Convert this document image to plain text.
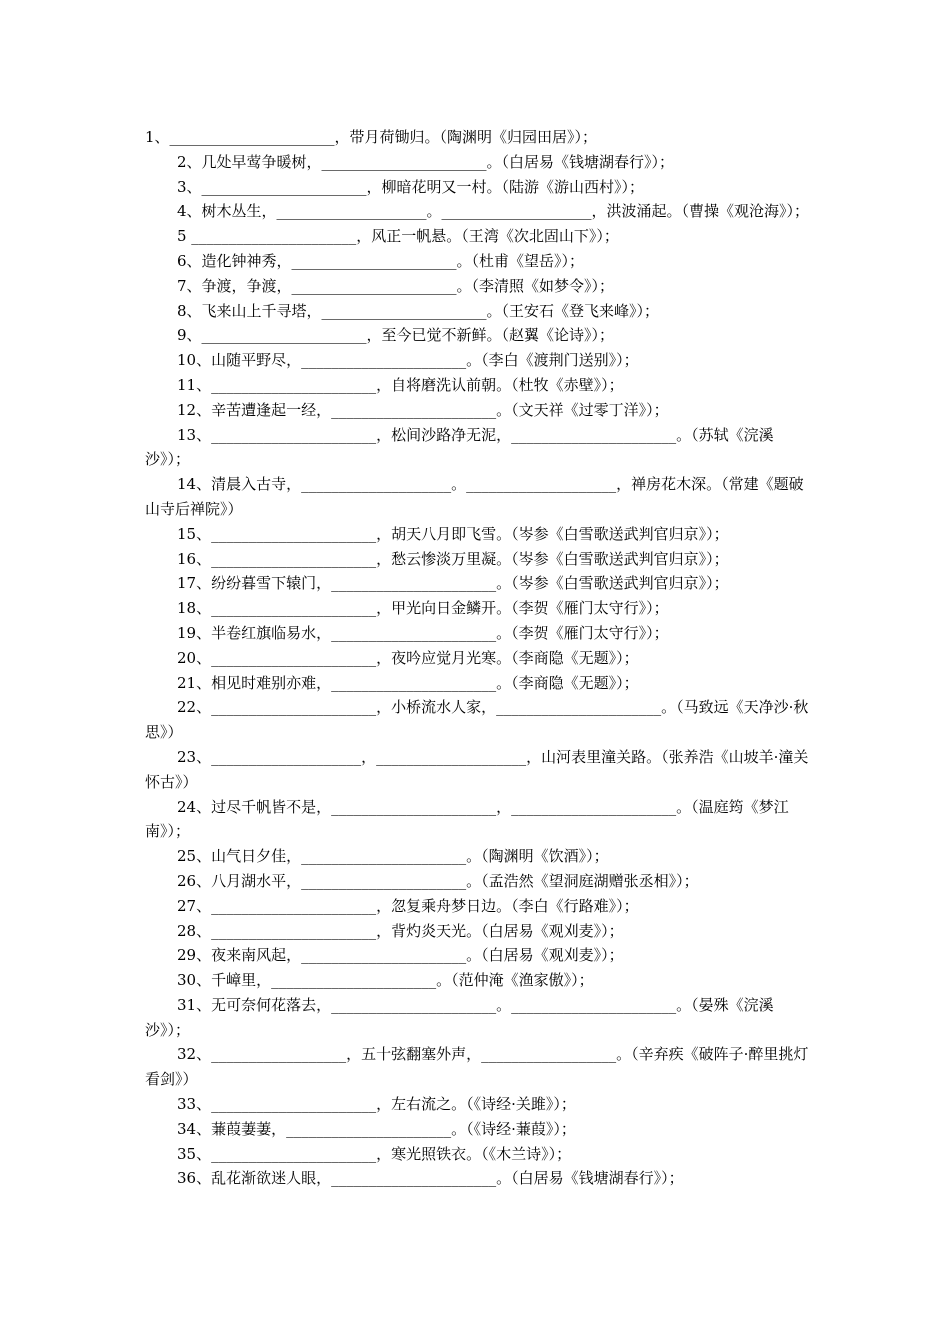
1、______________________，带月荷锄归。（陶渊明《归园田居》）；
2、几处早莺争暖树，______________________。（白居易《钱塘湖春行》）；
3、______________________，柳暗花明又一村。（陆游《游山西村》）；
4、树木丛生，____________________。____________________，洪波涌起。（曹操《观沧海》）；
5 ______________________，风正一帆悬。（王湾《次北固山下》）；
6、造化钟神秀，______________________。（杜甫《望岳》）；
7、争渡，争渡，______________________。（李清照《如梦令》）；
8、飞来山上千寻塔，______________________。（王安石《登飞来峰》）；
9、______________________，至今已觉不新鲜。（赵翼《论诗》）；
10、山随平野尽，______________________。（李白《渡荆门送别》）；
11、______________________，自将磨洗认前朝。（杜牧《赤壁》）；
12、辛苦遭逢起一经，______________________。（文天祥《过零丁洋》）；
13、______________________，松间沙路净无泥，______________________。（苏轼《浣溪沙》）；
14、清晨入古寺，____________________。____________________，禅房花木深。（常建《题破山寺后禅院》）
15、______________________，胡天八月即飞雪。（岑参《白雪歌送武判官归京》）；
16、______________________，愁云惨淡万里凝。（岑参《白雪歌送武判官归京》）；
17、纷纷暮雪下辕门，______________________。（岑参《白雪歌送武判官归京》）；
18、______________________，甲光向日金鳞开。（李贺《雁门太守行》）；
19、半卷红旗临易水，______________________。（李贺《雁门太守行》）；
20、______________________，夜吟应觉月光寒。（李商隐《无题》）；
21、相见时难别亦难，______________________。（李商隐《无题》）；
22、______________________，小桥流水人家，______________________。（马致远《天净沙·秋思》）
23、____________________，____________________，山河表里潼关路。（张养浩《山坡羊·潼关怀古》）
24、过尽千帆皆不是，______________________，______________________。（温庭筠《梦江南》）；
25、山气日夕佳，______________________。（陶渊明《饮酒》）；
26、八月湖水平，______________________。（孟浩然《望洞庭湖赠张丞相》）；
27、______________________，忽复乘舟梦日边。（李白《行路难》）；
28、______________________，背灼炎天光。（白居易《观刈麦》）；
29、夜来南风起，______________________。（白居易《观刈麦》）；
30、千嶂里，______________________。（范仲淹《渔家傲》）；
31、无可奈何花落去，______________________。______________________。（晏殊《浣溪沙》）；
32、__________________，五十弦翻塞外声，__________________。（辛弃疾《破阵子·醉里挑灯看剑》）
33、______________________，左右流之。（《诗经·关雎》）；
34、蒹葭萋萋，______________________。（《诗经·蒹葭》）；
35、______________________，寒光照铁衣。（《木兰诗》）；
36、乱花渐欲迷人眼，______________________。（白居易《钱塘湖春行》）；
